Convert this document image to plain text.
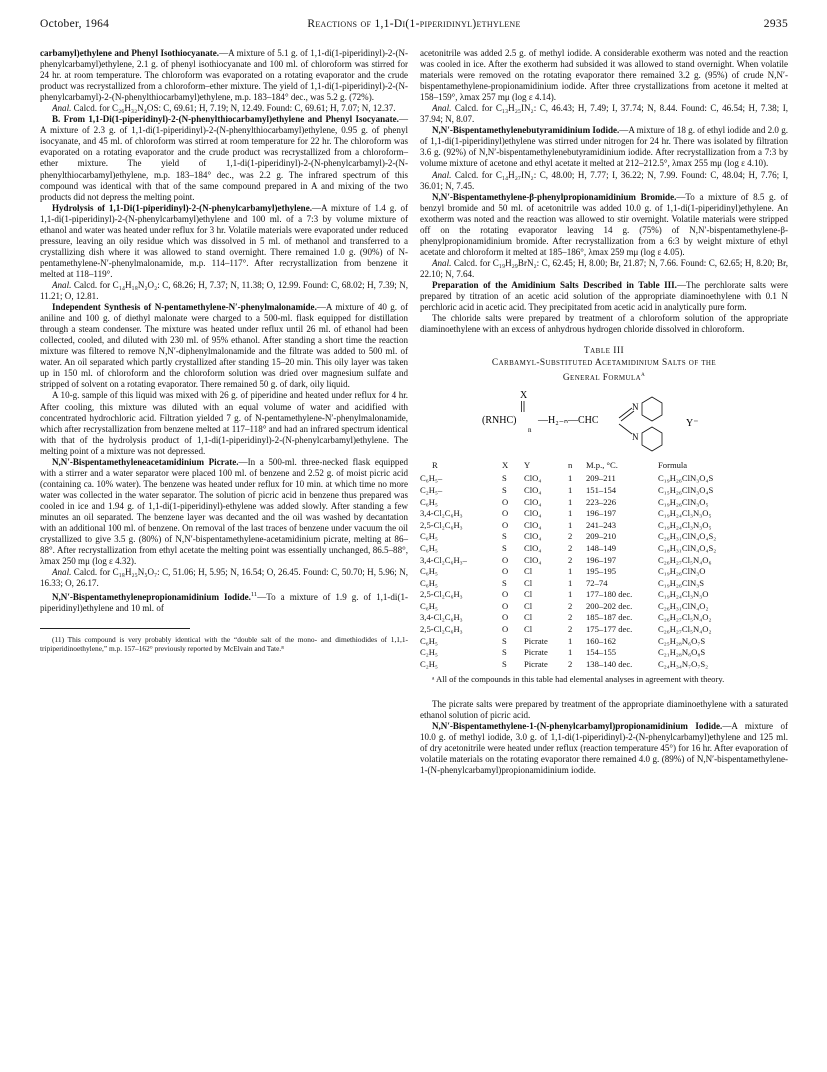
October, 1964	Reactions of 1,1-Di(1-piperidinyl)ethylene	2935

carbamyl)ethylene and Phenyl Isothiocyanate.—A mixture of 5.1 g. of 1,1-di(1-piperidinyl)-2-(N-phenylcarbamyl)ethylene, 2.1 g. of phenyl isothiocyanate and 100 ml. of chloroform was stirred for 24 hr. at room temperature. The chloroform was evaporated on a rotating evaporator and the crude product was recrystallized from a chloroform–ether mixture. The yield of 1,1-di(1-piperidinyl)-2-(N-phenylcarbamyl)-2-(N-phenylthiocarbamyl)ethylene, m.p. 183–184° dec., was 5.2 g. (72%).

Anal. Calcd. for C₂₆H₃₂N₄OS: C, 69.61; H, 7.19; N, 12.49. Found: C, 69.61; H, 7.07; N, 12.37.

B. From 1,1-Di(1-piperidinyl)-2-(N-phenylthiocarbamyl)ethylene and Phenyl Isocyanate.—A mixture of 2.3 g. of 1,1-di(1-piperidinyl)-2-(N-phenylthiocarbamyl)ethylene, 0.95 g. of phenyl isocyanate, and 45 ml. of chloroform was stirred at room temperature for 22 hr. The chloroform was evaporated on a rotating evaporator and the crude product was recrystallized from a chloroform–ether mixture. The yield of 1,1-di(1-piperidinyl)-2-(N-phenylcarbamyl)-2-(N-phenylthiocarbamyl)ethylene, m.p. 183–184° dec., was 2.2 g. The infrared spectrum of this compound was identical with that of the same compound prepared in A and mixing of the two products did not depress the melting point.

Hydrolysis of 1,1-Di(1-piperidinyl)-2-(N-phenylcarbamyl)ethylene.—A mixture of 1.4 g. of 1,1-di(1-piperidinyl)-2-(N-phenylcarbamyl)ethylene and 100 ml. of a 7:3 by volume mixture of ethanol and water was heated under reflux for 3 hr. Volatile materials were evaporated under reduced pressure, leaving an oily residue which was dissolved in 5 ml. of methanol and transferred to a crystallizing dish where it was allowed to stand overnight. There remained 1.0 g. (90%) of N-pentamethylene-N′-phenylmalonamide, m.p. 114–117°. After recrystallization from benzene it melted at 118–119°.

Anal. Calcd. for C₁₄H₁₈N₂O₂: C, 68.26; H, 7.37; N, 11.38; O, 12.99. Found: C, 68.02; H, 7.39; N, 11.21; O, 12.81.

Independent Synthesis of N-pentamethylene-N′-phenylmalonamide.—A mixture of 40 g. of aniline and 100 g. of diethyl malonate were charged to a 500-ml. flask equipped for distillation through a steam condenser. The mixture was heated under reflux until 26 ml. of ethanol had been collected, cooled, and diluted with 230 ml. of 95% ethanol. After standing a short time the reaction mixture was filtered to remove N,N′-diphenylmalonamide and the filtrate was added to 500 ml. of water. An oil separated which partly crystallized after standing 15–20 min. This oily layer was taken up in 150 ml. of chloroform and the chloroform solution was dried over magnesium sulfate and stripped of solvent on a rotating evaporator. There remained 50 g. of dark, oily liquid.

A 10-g. sample of this liquid was mixed with 26 g. of piperidine and heated under reflux for 4 hr. After cooling, this mixture was diluted with an equal volume of water and acidified with concentrated hydrochloric acid. Filtration yielded 7 g. of N-pentamethylene-N′-phenylmalonamide, which after recrystallization from benzene melted at 117–118° and had an infrared spectrum identical with that of the hydrolysis product of 1,1-di(1-piperidinyl)-2-(N-phenylcarbamyl)ethylene. The melting point of a mixture was not depressed.

N,N′-Bispentamethyleneacetamidinium Picrate.—In a 500-ml. three-necked flask equipped with a stirrer and a water separator were placed 100 ml. of benzene and 2.52 g. of moist picric acid (containing ca. 10% water). The benzene was heated under reflux for 10 min. at which time no more water was collected in the water separator. The solution of picric acid in benzene thus prepared was cooled in ice and 1.94 g. of 1,1-di(1-piperidinyl)-ethylene was added slowly. After standing a few minutes an oil separated. The benzene layer was decanted and the oil was washed by decantation with an additional 100 ml. of benzene. On removal of the last traces of benzene under vacuum the oil crystallized to give 3.5 g. (80%) of N,N′-bispentamethylene-acetamidinium picrate, melting at 86–88°. After recrystallization from ethyl acetate the melting point was essentially unchanged, 86.5–88°, λmax 250 mμ (log ε 4.32).

Anal. Calcd. for C₁₈H₂₅N₅O₇: C, 51.06; H, 5.95; N, 16.54; O, 26.45. Found: C, 50.70; H, 5.96; N, 16.33; O, 26.17.

N,N′-Bispentamethylenepropionamidinium Iodide.$^{11}$—To a mixture of 1.9 g. of 1,1-di(1-piperidinyl)ethylene and 10 ml. of

(11) This compound is very probably identical with the “double salt of the mono- and dimethiodides of 1,1,1-tripiperidinoethylene,” m.p. 157–162° previously reported by McElvain and Tate.⁸

acetonitrile was added 2.5 g. of methyl iodide. A considerable exotherm was noted and the reaction was cooled in ice. After the exotherm had subsided it was allowed to stand overnight. When volatile materials were removed on the rotating evaporator there remained 3.2 g. (95%) of crude N,N′-bispentamethylene-propionamidinium iodide. After three crystallizations from acetone it melted at 158–159°, λmax 257 mμ (log ε 4.14).

Anal. Calcd. for C₁₃H₂₅IN₂: C, 46.43; H, 7.49; I, 37.74; N, 8.44. Found: C, 46.54; H, 7.38; I, 37.94; N, 8.07.

N,N′-Bispentamethylenebutyramidinium Iodide.—A mixture of 18 g. of ethyl iodide and 2.0 g. of 1,1-di(1-piperidinyl)ethylene was stirred under nitrogen for 24 hr. There was isolated by filtration 3.6 g. (92%) of N,N′-bispentamethylenebutyramidinium iodide. After recrystallization from a 7:3 by volume mixture of acetone and ethyl acetate it melted at 212–212.5°, λmax 255 mμ (log ε 4.10).

Anal. Calcd. for C₁₄H₂₇IN₂: C, 48.00; H, 7.77; I, 36.22; N, 7.99. Found: C, 48.04; H, 7.76; I, 36.01; N, 7.45.

N,N′-Bispentamethylene-β-phenylpropionamidinium Bromide.—To a mixture of 8.5 g. of benzyl bromide and 50 ml. of acetonitrile was added 10.0 g. of 1,1-di(1-piperidinyl)ethylene. An exotherm was noted and the reaction was allowed to stir overnight. Volatile materials were stripped off on the rotating evaporator leaving 14 g. (75%) of N,N′-bispentamethylene-β-phenylpropionamidinium bromide. After recrystallization from a 6:3 by weight mixture of ethyl acetate and chloroform it melted at 185–186°, λmax 259 mμ (log ε 4.05).

Anal. Calcd. for C₁₉H₂₉BrN₂: C, 62.45; H, 8.00; Br, 21.87; N, 7.66. Found: C, 62.65; H, 8.20; Br, 22.10; N, 7.64.

Preparation of the Amidinium Salts Described in Table III.—The perchlorate salts were prepared by titration of an acetic acid solution of the appropriate diaminoethylene with 0.1 N perchloric acid in acetic acid. They precipitated from acetic acid in analytically pure form.

The chloride salts were prepared by treatment of a chloroform solution of the appropriate diaminoethylene with an excess of anhydrous hydrogen chloride dissolved in chloroform.

Table III
Carbamyl-Substituted Acetamidinium Salts of the
General Formula$^a$
X
(RNHC)
n
—H₂₋ₙ—CHC
N
N
Y⁻
R	X	Y	n	M.p., °C.	Formula
C₆H₅–	S	ClO₄	1	209–211	C₁₉H₂₆ClN₃O₄S
C₂H₅–	S	ClO₄	1	151–154	C₁₅H₂₆ClN₃O₄S
C₆H₅	O	ClO₄	1	223–226	C₁₉H₂₆ClN₃O₅
3,4-Cl₂C₆H₃	O	ClO₄	1	196–197	C₁₉H₂₄Cl₃N₃O₅
2,5-Cl₂C₆H₃	O	ClO₄	1	241–243	C₁₉H₂₄Cl₃N₃O₅
C₆H₅	S	ClO₄	2	209–210	C₂₆H₃₁ClN₄O₄S₂
C₆H₅	S	ClO₄	2	148–149	C₁₈H₃₁ClN₄O₄S₂
3,4-Cl₂C₆H₃–	O	ClO₄	2	196–197	C₂₆H₂₇Cl₅N₄O₆
C₆H₅	O	Cl	1	195–195	C₁₉H₂₆ClN₃O
C₆H₅	S	Cl	1	72–74	C₁₉H₂₆ClN₃S
2,5-Cl₂C₆H₃	O	Cl	1	177–180 dec.	C₁₉H₂₄Cl₃N₃O
C₆H₅	O	Cl	2	200–202 dec.	C₂₆H₃₁ClN₄O₂
3,4-Cl₂C₆H₃	O	Cl	2	185–187 dec.	C₂₆H₂₇Cl₅N₄O₂
2,5-Cl₂C₆H₃	O	Cl	2	175–177 dec.	C₂₆H₂₇Cl₅N₄O₂
C₆H₅	S	Picrate	1	160–162	C₂₅H₂₈N₆O₇S
C₂H₅	S	Picrate	1	154–155	C₂₁H₂₈N₆O₈S
C₂H₅	S	Picrate	2	138–140 dec.	C₂₄H₃₄N₇O₇S₂

ᵃ All of the compounds in this table had elemental analyses in agreement with theory.

The picrate salts were prepared by treatment of the appropriate diaminoethylene with a saturated ethanol solution of picric acid.

N,N′-Bispentamethylene-1-(N-phenylcarbamyl)propionamidinium Iodide.—A mixture of 10.0 g. of methyl iodide, 3.0 g. of 1,1-di(1-piperidinyl)-2-(N-phenylcarbamyl)ethylene and 125 ml. of dry acetonitrile were heated under reflux (reaction temperature 45°) for 16 hr. After evaporation of volatile materials on the rotating evaporator there remained 4.0 g. (89%) of N,N′-bispentamethylene-1-(N-phenylcarbamyl)propionamidinium iodide.
